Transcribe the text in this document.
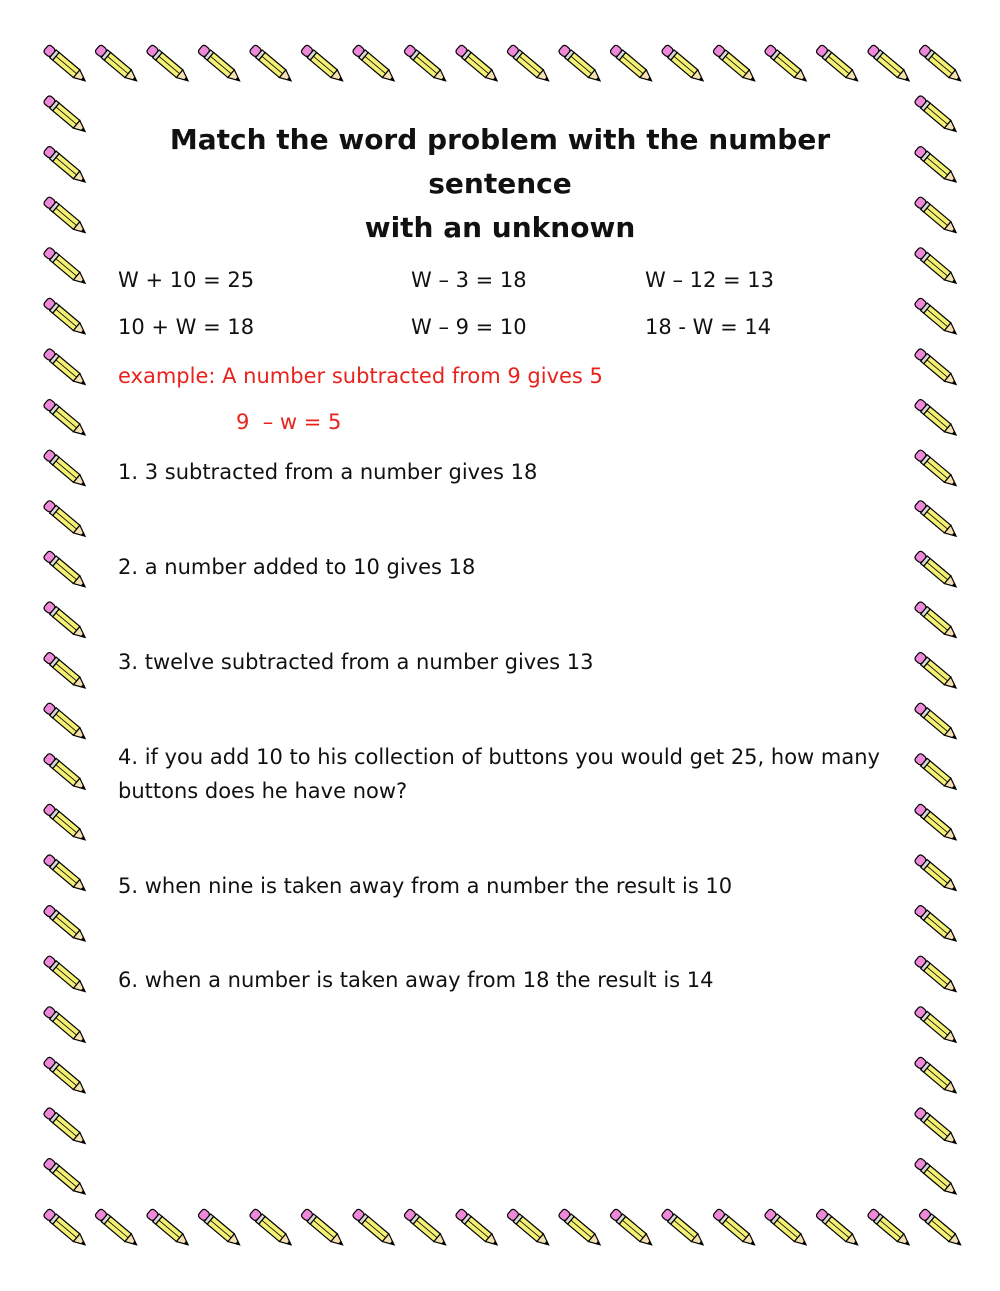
Match the word problem with the number sentence
with an unknown
W + 10 = 25	W – 3 = 18	W – 12 = 13
10 + W = 18	W – 9 = 10	18 - W = 14
example: A number subtracted from 9 gives 5
9  – w = 5
1. 3 subtracted from a number gives 18
2. a number added to 10 gives 18
3. twelve subtracted from a number gives 13
4. if you add 10 to his collection of buttons you would get 25, how many buttons does he have now?
5. when nine is taken away from a number the result is 10
6. when a number is taken away from 18 the result is 14
